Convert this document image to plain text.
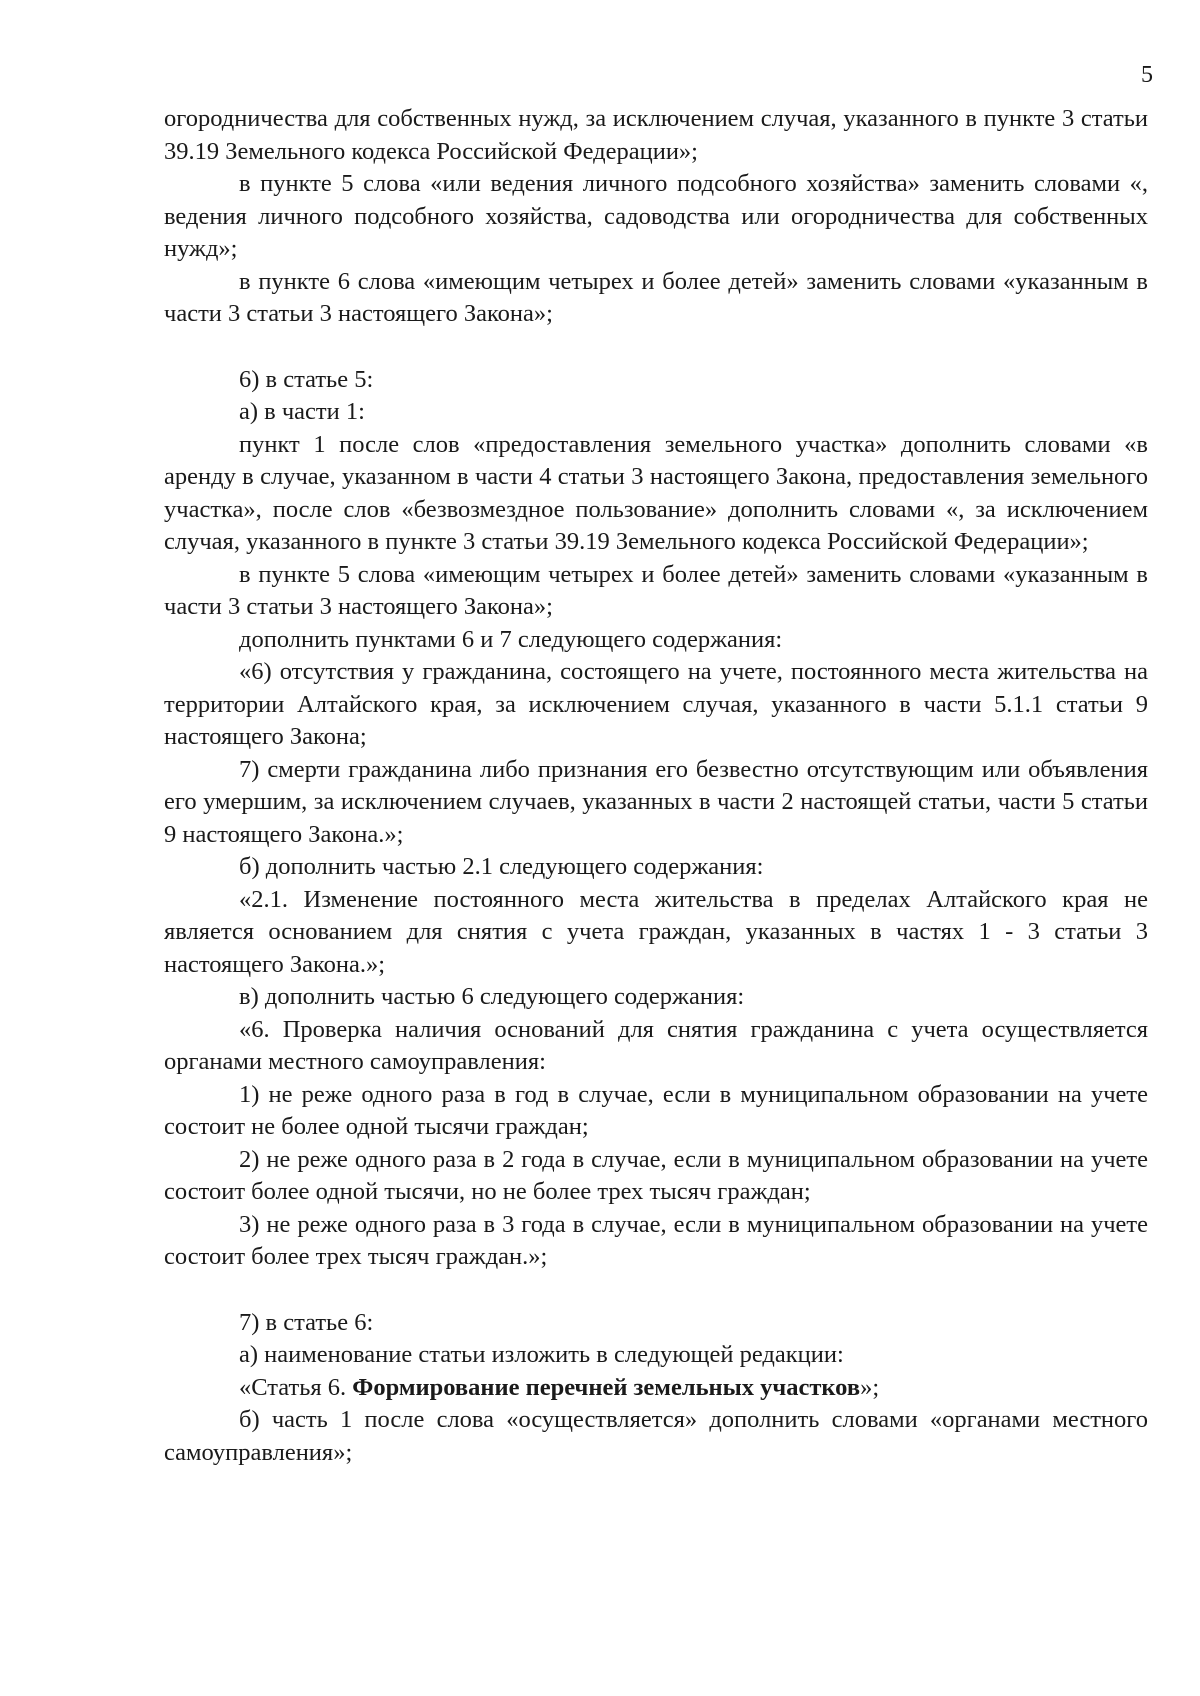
5

огородничества для собственных нужд, за исключением случая, указанного в пункте 3 статьи 39.19 Земельного кодекса Российской Федерации»;

в пункте 5 слова «или ведения личного подсобного хозяйства» заменить словами «, ведения личного подсобного хозяйства, садоводства или огородничества для собственных нужд»;

в пункте 6 слова «имеющим четырех и более детей» заменить словами «указанным в части 3 статьи 3 настоящего Закона»;

6) в статье 5:

а) в части 1:

пункт 1 после слов «предоставления земельного участка» дополнить словами «в аренду в случае, указанном в части 4 статьи 3 настоящего Закона, предоставления земельного участка», после слов «безвозмездное пользование» дополнить словами «, за исключением случая, указанного в пункте 3 статьи 39.19 Земельного кодекса Российской Федерации»;

в пункте 5 слова «имеющим четырех и более детей» заменить словами «указанным в части 3 статьи 3 настоящего Закона»;

дополнить пунктами 6 и 7 следующего содержания:

«6) отсутствия у гражданина, состоящего на учете, постоянного места жительства на территории Алтайского края, за исключением случая, указанного в части 5.1.1 статьи 9 настоящего Закона;

7) смерти гражданина либо признания его безвестно отсутствующим или объявления его умершим, за исключением случаев, указанных в части 2 настоящей статьи, части 5 статьи 9 настоящего Закона.»;

б) дополнить частью 2.1 следующего содержания:

«2.1. Изменение постоянного места жительства в пределах Алтайского края не является основанием для снятия с учета граждан, указанных в частях 1 - 3 статьи 3 настоящего Закона.»;

в) дополнить частью 6 следующего содержания:

«6. Проверка наличия оснований для снятия гражданина с учета осуществляется органами местного самоуправления:

1) не реже одного раза в год в случае, если в муниципальном образовании на учете состоит не более одной тысячи граждан;

2) не реже одного раза в 2 года в случае, если в муниципальном образовании на учете состоит более одной тысячи, но не более трех тысяч граждан;

3) не реже одного раза в 3 года в случае, если в муниципальном образовании на учете состоит более трех тысяч граждан.»;

7) в статье 6:

а) наименование статьи изложить в следующей редакции:

«Статья 6. Формирование перечней земельных участков»;

б) часть 1 после слова «осуществляется» дополнить словами «органами местного самоуправления»;
